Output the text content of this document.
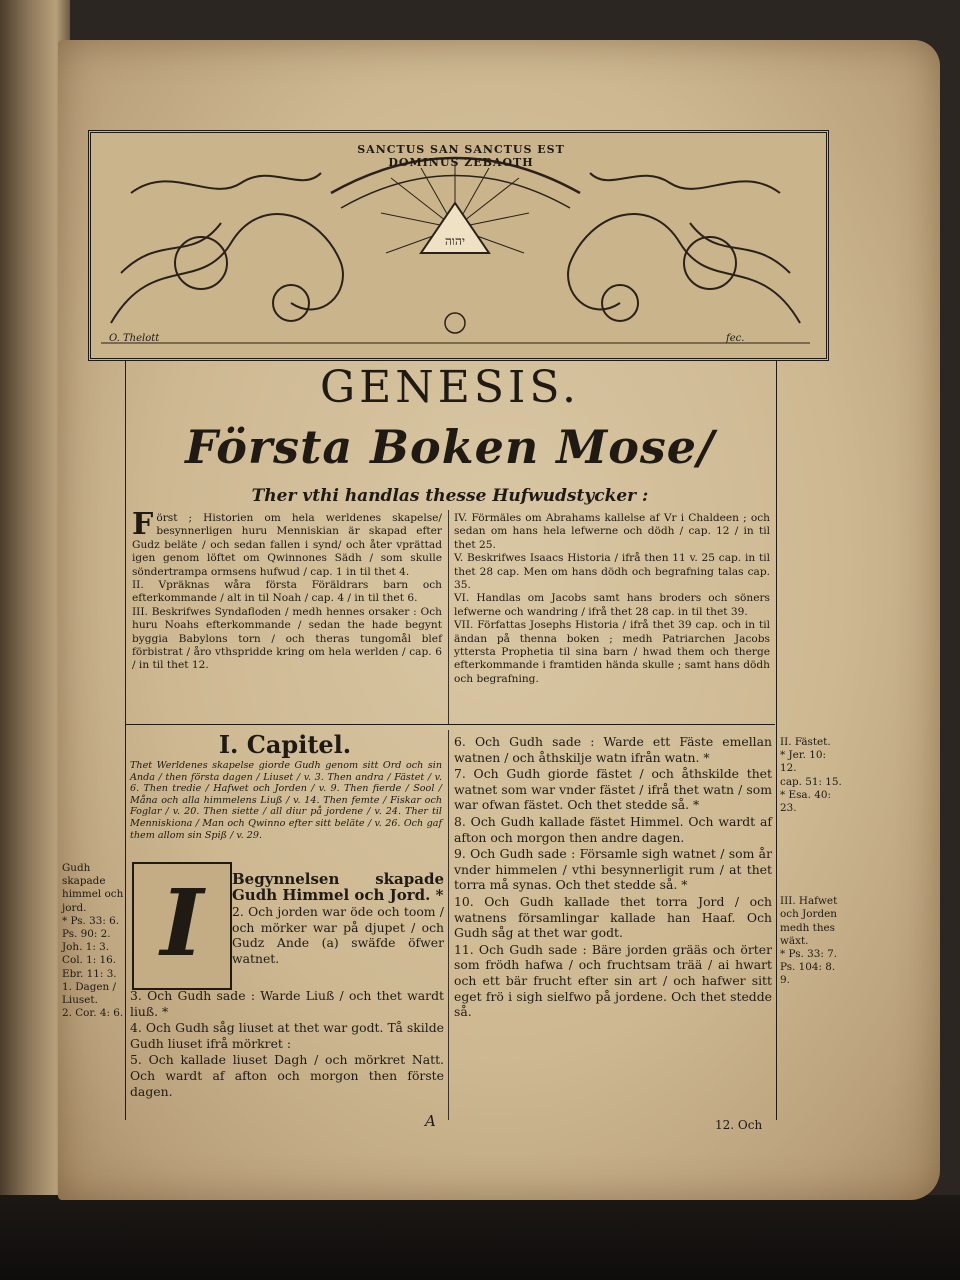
יהוה
SANCTUS SAN SANCTUS EST DOMINUS ZEBAOTH
O. Thelott	fec.
GENESIS.
Första Boken Mose/
Ther vthi handlas thesse Hufwudstycker :
F örst ; Historien om hela werldenes skapelse/ besynnerligen huru Menniskian är skapad efter Gudz beläte / och sedan fallen i synd/ och åter vprättad igen genom löftet om Qwinnones Sädh / som skulle söndertrampa ormsens hufwud / cap. 1 in til thet 4.

II. Vpräknas wåra första Föräldrars barn och efterkommande / alt in til Noah / cap. 4 / in til thet 6.

III. Beskrifwes Syndafloden / medh hennes orsaker : Och huru Noahs efterkommande / sedan the hade begynt byggia Babylons torn / och theras tungomål blef förbistrat / åro vthspridde kring om hela werlden / cap. 6 / in til thet 12.

IV. Förmäles om Abrahams kallelse af Vr i Chaldeen ; och sedan om hans hela lefwerne och dödh / cap. 12 / in til thet 25.

V. Beskrifwes Isaacs Historia / ifrå then 11 v. 25 cap. in til thet 28 cap. Men om hans dödh och begrafning talas cap. 35.

VI. Handlas om Jacobs samt hans broders och söners lefwerne och wandring / ifrå thet 28 cap. in til thet 39.

VII. Författas Josephs Historia / ifrå thet 39 cap. och in til ändan på thenna boken ; medh Patriarchen Jacobs yttersta Prophetia til sina barn / hwad them och therge efterkommande i framtiden hända skulle ; samt hans dödh och begrafning.

I. Capitel.

Thet Werldenes skapelse giorde Gudh genom sitt Ord och sin Anda / then första dagen / Liuset / v. 3. Then andra / Fästet / v. 6. Then tredie / Hafwet och Jorden / v. 9. Then fierde / Sool / Måna och alla himmelens Liuß / v. 14. Then femte / Fiskar och Foglar / v. 20. Then siette / all diur på jordene / v. 24. Ther til Menniskiona / Man och Qwinno efter sitt beläte / v. 26. Och gaf them allom sin Spiß / v. 29.

I	Begynnelsen skapade Gudh Himmel och Jord. *

2. Och jorden war öde och toom / och mörker war på djupet / och Gudz Ande (a) swäfde öfwer watnet.

3. Och Gudh sade : Warde Liuß / och thet wardt liuß. *

4. Och Gudh såg liuset at thet war godt. Tå skilde Gudh liuset ifrå mörkret :

5. Och kallade liuset Dagh / och mörkret Natt. Och wardt af afton och morgon then förste dagen.

6. Och Gudh sade : Warde ett Fäste emellan watnen / och åthskilje watn ifrån watn. *

7. Och Gudh giorde fästet / och åthskilde thet watnet som war vnder fästet / ifrå thet watn / som war ofwan fästet. Och thet stedde så. *

8. Och Gudh kallade fästet Himmel. Och wardt af afton och morgon then andre dagen.

9. Och Gudh sade : Församle sigh watnet / som år vnder himmelen / vthi besynnerligit rum / at thet torra må synas. Och thet stedde så. *

10. Och Gudh kallade thet torra Jord / och watnens församlingar kallade han Haaf. Och Gudh såg at thet war godt.

11. Och Gudh sade : Bäre jorden grääs och örter som frödh hafwa / och fruchtsam trää / ai hwart och ett bär frucht efter sin art / och hafwer sitt eget frö i sigh sielfwo på jordene. Och thet stedde så.

Gudh skapade himmel och jord.

* Ps. 33: 6.

Ps. 90: 2.

Joh. 1: 3.

Col. 1: 16.

Ebr. 11: 3.

1. Dagen / Liuset.

2. Cor. 4: 6.

II. Fästet.

* Jer. 10: 12.

cap. 51: 15.

* Esa. 40: 23.

III. Hafwet och Jorden medh thes wäxt.

* Ps. 33: 7.

Ps. 104: 8. 9.

A	12. Och
